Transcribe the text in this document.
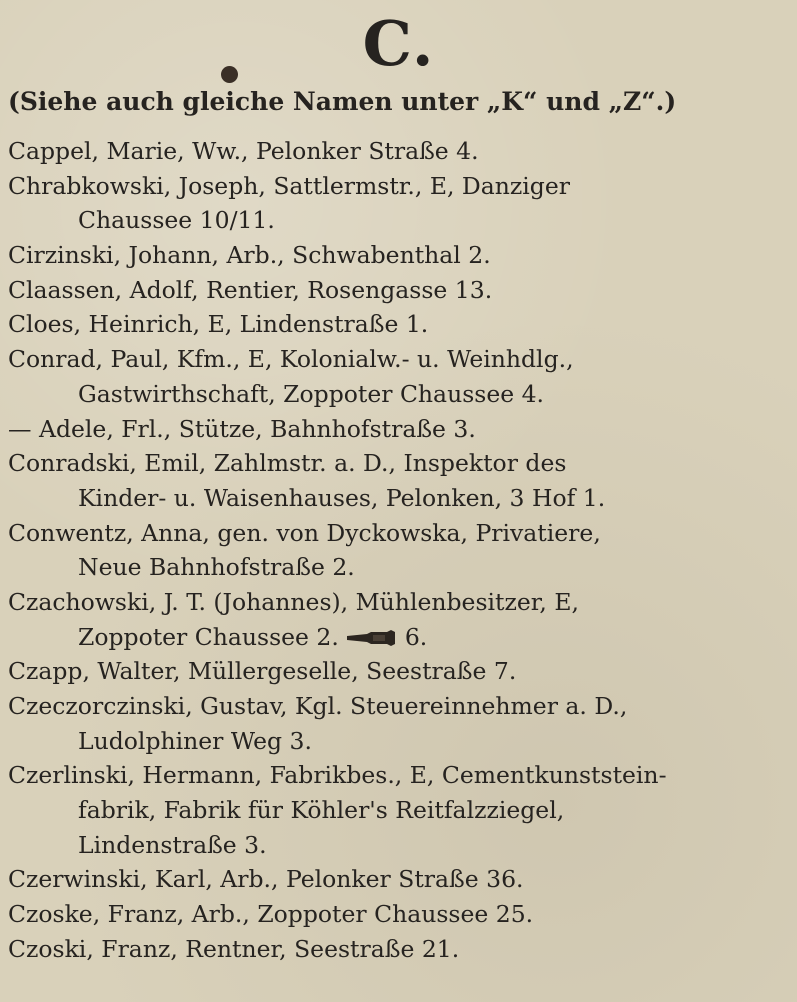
C.
(Siehe auch gleiche Namen unter „K“ und „Z“.)
Cappel, Marie, Ww., Pelonker Straße 4.
Chrabkowski, Joseph, Sattlermstr., E, Danziger
Chaussee 10/11.
Cirzinski, Johann, Arb., Schwabenthal 2.
Claassen, Adolf, Rentier, Rosengasse 13.
Cloes, Heinrich, E, Lindenstraße 1.
Conrad, Paul, Kfm., E, Kolonialw.- u. Weinhdlg.,
Gastwirthschaft, Zoppoter Chaussee 4.
— Adele, Frl., Stütze, Bahnhofstraße 3.
Conradski, Emil, Zahlmstr. a. D., Inspektor des
Kinder- u. Waisenhauses, Pelonken, 3 Hof 1.
Conwentz, Anna, gen. von Dyckowska, Privatiere,
Neue Bahnhofstraße 2.
Czachowski, J. T. (Johannes), Mühlenbesitzer, E,
Zoppoter Chaussee 2.	6.
Czapp, Walter, Müllergeselle, Seestraße 7.
Czeczorczinski, Gustav, Kgl. Steuereinnehmer a. D.,
Ludolphiner Weg 3.
Czerlinski, Hermann, Fabrikbes., E, Cementkunststein-
fabrik, Fabrik für Köhler's Reitfalzziegel,
Lindenstraße 3.
Czerwinski, Karl, Arb., Pelonker Straße 36.
Czoske, Franz, Arb., Zoppoter Chaussee 25.
Czoski, Franz, Rentner, Seestraße 21.
